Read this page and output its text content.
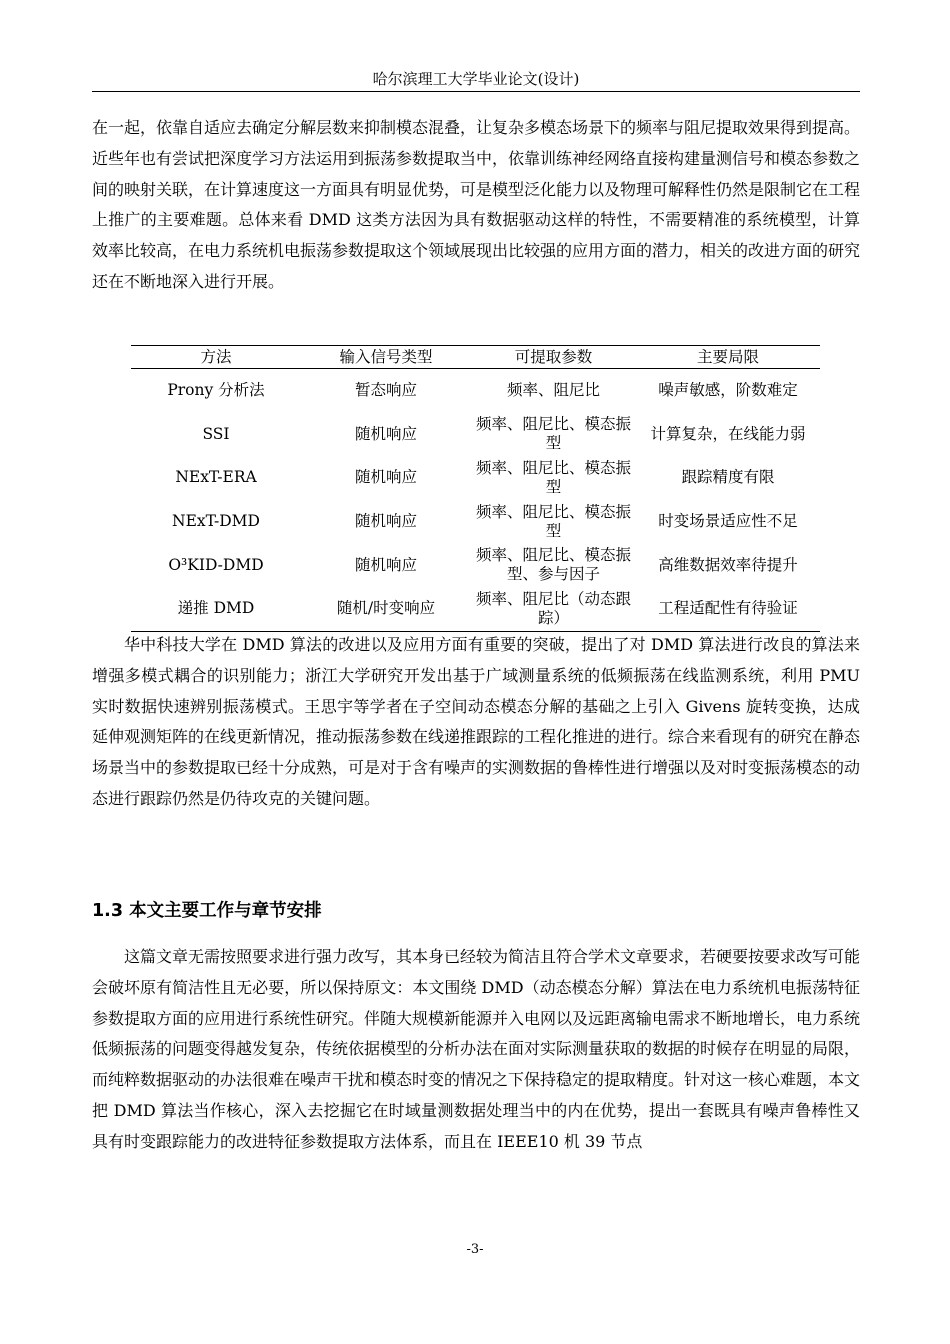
哈尔滨理工大学毕业论文(设计)

在一起，依靠自适应去确定分解层数来抑制模态混叠，让复杂多模态场景下的频率与阻尼提取效果得到提高。近些年也有尝试把深度学习方法运用到振荡参数提取当中，依靠训练神经网络直接构建量测信号和模态参数之间的映射关联，在计算速度这一方面具有明显优势，可是模型泛化能力以及物理可解释性仍然是限制它在工程上推广的主要难题。总体来看 DMD 这类方法因为具有数据驱动这样的特性，不需要精准的系统模型，计算效率比较高，在电力系统机电振荡参数提取这个领域展现出比较强的应用方面的潜力，相关的改进方面的研究还在不断地深入进行开展。

方法	输入信号类型	可提取参数	主要局限
Prony 分析法	暂态响应	频率、阻尼比	噪声敏感，阶数难定
SSI	随机响应	频率、阻尼比、模态振型	计算复杂，在线能力弱
NExT-ERA	随机响应	频率、阻尼比、模态振型	跟踪精度有限
NExT-DMD	随机响应	频率、阻尼比、模态振型	时变场景适应性不足
O³KID-DMD	随机响应	频率、阻尼比、模态振型、参与因子	高维数据效率待提升
递推 DMD	随机/时变响应	频率、阻尼比（动态跟踪）	工程适配性有待验证

华中科技大学在 DMD 算法的改进以及应用方面有重要的突破，提出了对 DMD 算法进行改良的算法来增强多模式耦合的识别能力；浙江大学研究开发出基于广域测量系统的低频振荡在线监测系统，利用 PMU 实时数据快速辨别振荡模式。王思宇等学者在子空间动态模态分解的基础之上引入 Givens 旋转变换，达成延伸观测矩阵的在线更新情况，推动振荡参数在线递推跟踪的工程化推进的进行。综合来看现有的研究在静态场景当中的参数提取已经十分成熟，可是对于含有噪声的实测数据的鲁棒性进行增强以及对时变振荡模态的动态进行跟踪仍然是仍待攻克的关键问题。

1.3 本文主要工作与章节安排

这篇文章无需按照要求进行强力改写，其本身已经较为简洁且符合学术文章要求，若硬要按要求改写可能会破坏原有简洁性且无必要，所以保持原文：本文围绕 DMD（动态模态分解）算法在电力系统机电振荡特征参数提取方面的应用进行系统性研究。伴随大规模新能源并入电网以及远距离输电需求不断地增长，电力系统低频振荡的问题变得越发复杂，传统依据模型的分析办法在面对实际测量获取的数据的时候存在明显的局限，而纯粹数据驱动的办法很难在噪声干扰和模态时变的情况之下保持稳定的提取精度。针对这一核心难题，本文把 DMD 算法当作核心，深入去挖掘它在时域量测数据处理当中的内在优势，提出一套既具有噪声鲁棒性又具有时变跟踪能力的改进特征参数提取方法体系，而且在 IEEE10 机 39 节点

-3-
